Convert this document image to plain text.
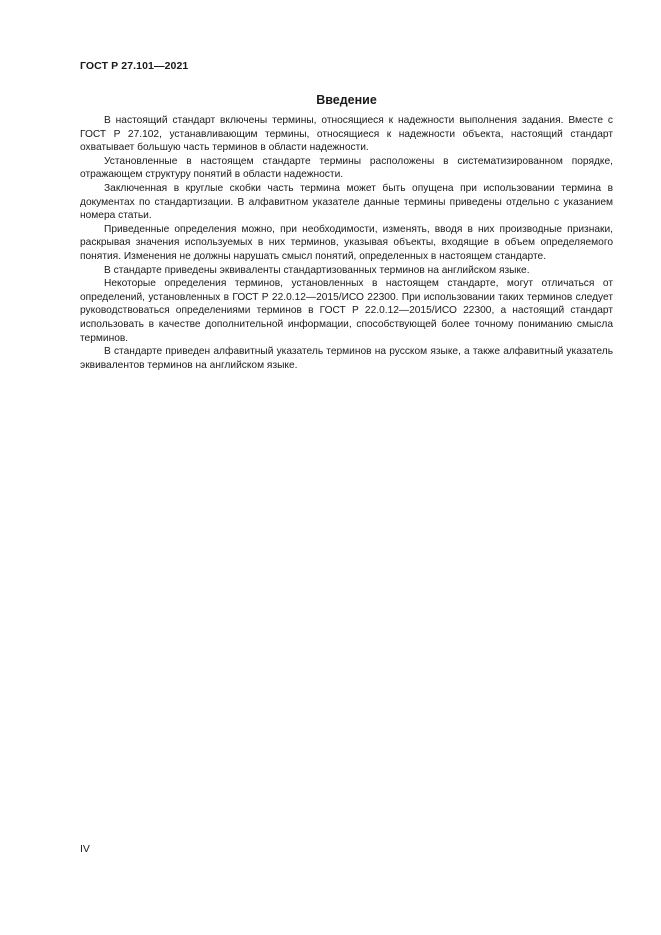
ГОСТ Р 27.101—2021
Введение

В настоящий стандарт включены термины, относящиеся к надежности выполнения задания. Вместе с ГОСТ Р 27.102, устанавливающим термины, относящиеся к надежности объекта, настоящий стандарт охватывает большую часть терминов в области надежности.

Установленные в настоящем стандарте термины расположены в систематизированном порядке, отражающем структуру понятий в области надежности.

Заключенная в круглые скобки часть термина может быть опущена при использовании термина в документах по стандартизации. В алфавитном указателе данные термины приведены отдельно с указанием номера статьи.

Приведенные определения можно, при необходимости, изменять, вводя в них производные признаки, раскрывая значения используемых в них терминов, указывая объекты, входящие в объем определяемого понятия. Изменения не должны нарушать смысл понятий, определенных в настоящем стандарте.

В стандарте приведены эквиваленты стандартизованных терминов на английском языке.

Некоторые определения терминов, установленных в настоящем стандарте, могут отличаться от определений, установленных в ГОСТ Р 22.0.12—2015/ИСО 22300. При использовании таких терминов следует руководствоваться определениями терминов в ГОСТ Р 22.0.12—2015/ИСО 22300, а настоящий стандарт использовать в качестве дополнительной информации, способствующей более точному пониманию смысла терминов.

В стандарте приведен алфавитный указатель терминов на русском языке, а также алфавитный указатель эквивалентов терминов на английском языке.

IV
